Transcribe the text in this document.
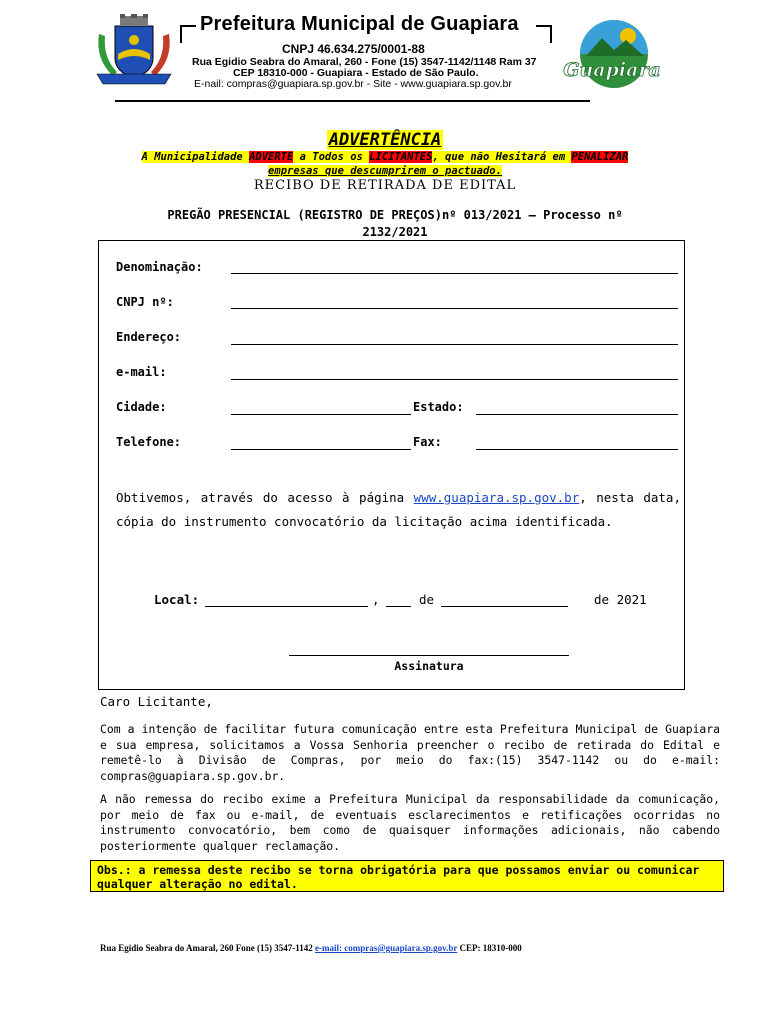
Prefeitura Municipal de Guapiara
CNPJ 46.634.275/0001-88
Rua Egidio Seabra do Amaral, 260 - Fone (15) 3547-1142/1148 Ram 37
CEP 18310-000 - Guapiara - Estado de São Paulo.
E-nail: compras@guapiara.sp.gov.br - Site - www.guapiara.sp.gov.br
Guapiara
ADVERTÊNCIA
A Municipalidade ADVERTE a Todos os LICITANTES, que não Hesitará em PENALIZAR
empresas que descumprirem o pactuado.
RECIBO DE RETIRADA DE EDITAL
PREGÃO PRESENCIAL (REGISTRO DE PREÇOS)nº 013/2021 – Processo nº
2132/2021
Denominação:
CNPJ nº:
Endereço:
e-mail:
Cidade:	Estado:
Telefone:	Fax:
Obtivemos, através do acesso à página www.guapiara.sp.gov.br, nesta data, cópia do instrumento convocatório da licitação acima identificada.
Local:	,	de	de 2021
Assinatura
Caro Licitante,
Com a intenção de facilitar futura comunicação entre esta Prefeitura Municipal de Guapiara e sua empresa, solicitamos a Vossa Senhoria preencher o recibo de retirada do Edital e remetê-lo à Divisão de Compras, por meio do fax:(15) 3547-1142 ou do e-mail: compras@guapiara.sp.gov.br.
A não remessa do recibo exime a Prefeitura Municipal da responsabilidade da comunicação, por meio de fax ou e-mail, de eventuais esclarecimentos e retificações ocorridas no instrumento convocatório, bem como de quaisquer informações adicionais, não cabendo posteriormente qualquer reclamação.
Obs.: a remessa deste recibo se torna obrigatória para que possamos enviar ou comunicar qualquer alteração no edital.
Rua Egidio Seabra do Amaral, 260 Fone (15) 3547-1142 e-mail: compras@guapiara.sp.gov.br CEP: 18310-000
